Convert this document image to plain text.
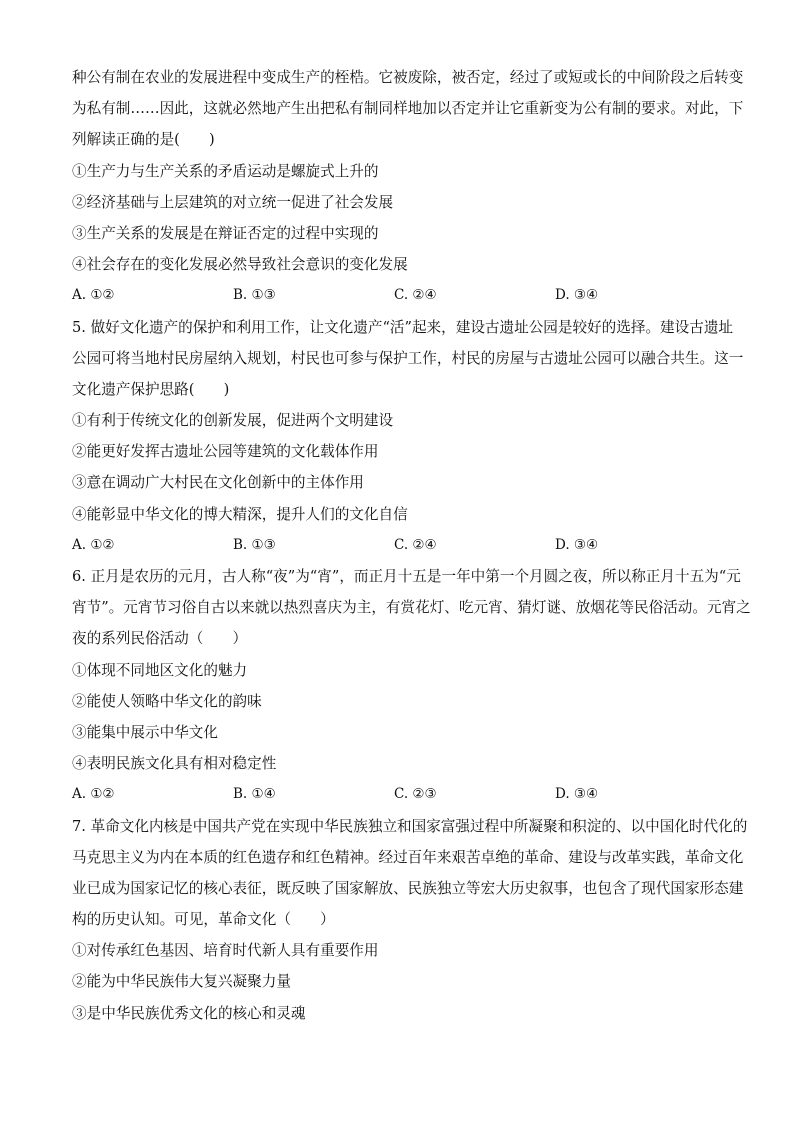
种公有制在农业的发展进程中变成生产的桎梏。它被废除，被否定，经过了或短或长的中间阶段之后转变
为私有制……因此，这就必然地产生出把私有制同样地加以否定并让它重新变为公有制的要求。对此，下
列解读正确的是(　　)
①生产力与生产关系的矛盾运动是螺旋式上升的
②经济基础与上层建筑的对立统一促进了社会发展
③生产关系的发展是在辩证否定的过程中实现的
④社会存在的变化发展必然导致社会意识的变化发展
A. ①②	B. ①③	C. ②④	D. ③④
5. 做好文化遗产的保护和利用工作，让文化遗产“活”起来，建设古遗址公园是较好的选择。建设古遗址
公园可将当地村民房屋纳入规划，村民也可参与保护工作，村民的房屋与古遗址公园可以融合共生。这一
文化遗产保护思路(　　)
①有利于传统文化的创新发展，促进两个文明建设
②能更好发挥古遗址公园等建筑的文化载体作用
③意在调动广大村民在文化创新中的主体作用
④能彰显中华文化的博大精深，提升人们的文化自信
A. ①②	B. ①③	C. ②④	D. ③④
6. 正月是农历的元月，古人称“夜”为“宵”，而正月十五是一年中第一个月圆之夜，所以称正月十五为“元
宵节”。元宵节习俗自古以来就以热烈喜庆为主，有赏花灯、吃元宵、猜灯谜、放烟花等民俗活动。元宵之
夜的系列民俗活动（　　）
①体现不同地区文化的魅力
②能使人领略中华文化的韵味
③能集中展示中华文化
④表明民族文化具有相对稳定性
A. ①②	B. ①④	C. ②③	D. ③④
7. 革命文化内核是中国共产党在实现中华民族独立和国家富强过程中所凝聚和积淀的、以中国化时代化的
马克思主义为内在本质的红色遗存和红色精神。经过百年来艰苦卓绝的革命、建设与改革实践，革命文化
业已成为国家记忆的核心表征，既反映了国家解放、民族独立等宏大历史叙事，也包含了现代国家形态建
构的历史认知。可见，革命文化（　　）
①对传承红色基因、培育时代新人具有重要作用
②能为中华民族伟大复兴凝聚力量
③是中华民族优秀文化的核心和灵魂
